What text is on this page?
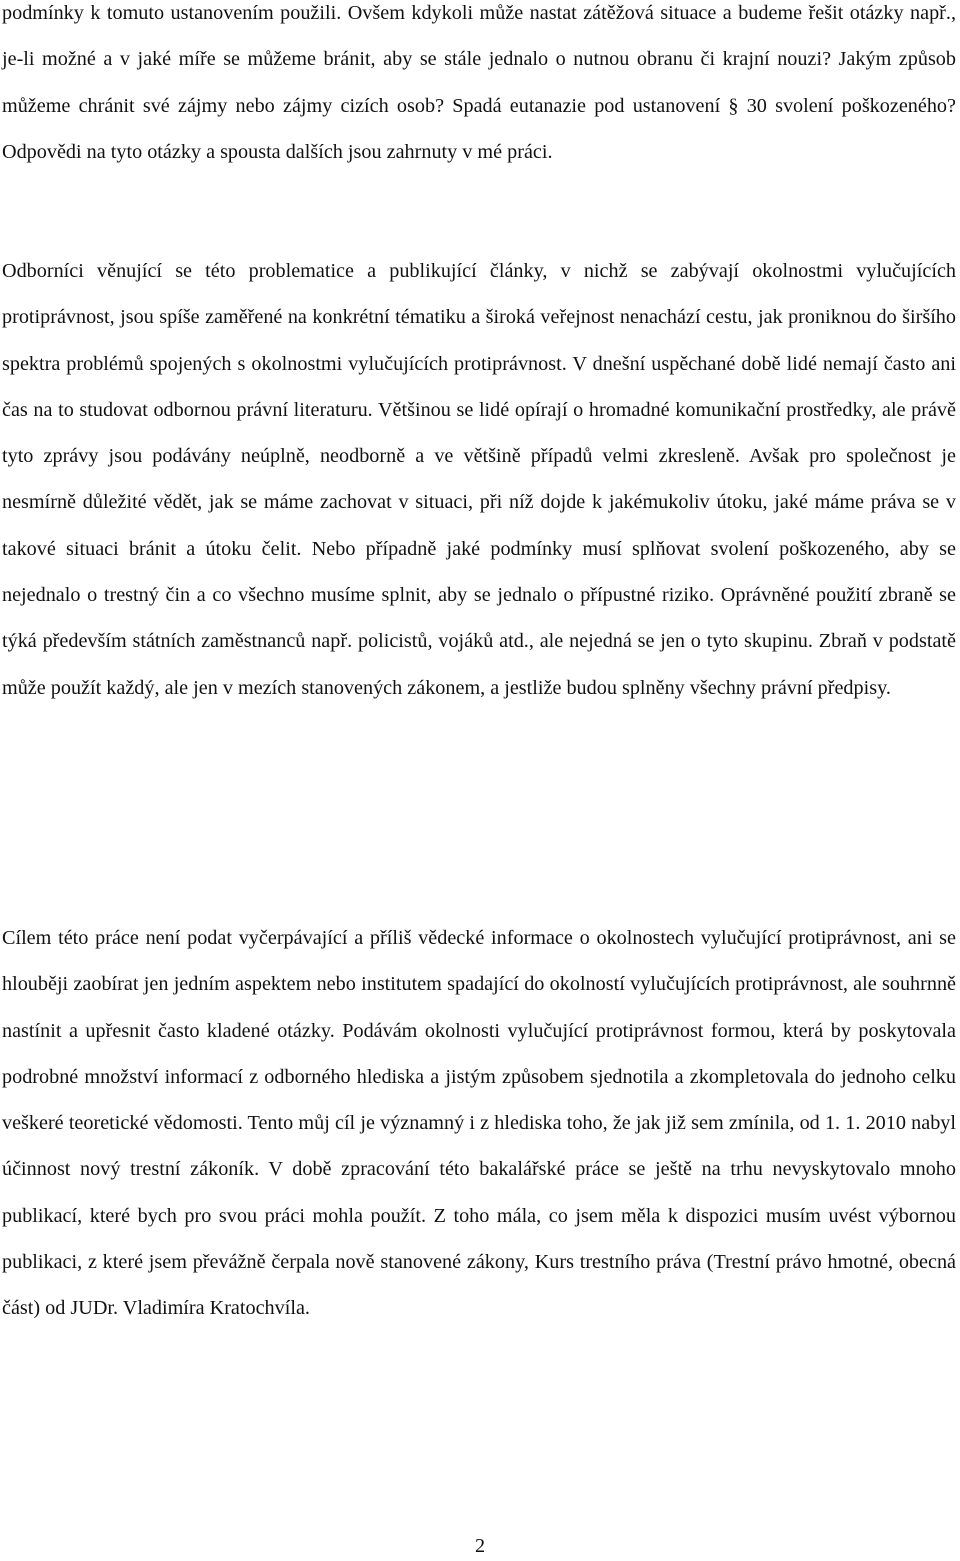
podmínky k tomuto ustanovením použili. Ovšem kdykoli může nastat zátěžová situace a budeme řešit otázky např., je-li možné a v jaké míře se můžeme bránit, aby se stále jednalo o nutnou obranu či krajní nouzi? Jakým způsob můžeme chránit své zájmy nebo zájmy cizích osob? Spadá eutanazie pod ustanovení § 30 svolení poškozeného? Odpovědi na tyto otázky a spousta dalších jsou zahrnuty v mé práci.

Odborníci věnující se této problematice a publikující články, v nichž se zabývají okolnostmi vylučujících protiprávnost, jsou spíše zaměřené na konkrétní tématiku a široká veřejnost nenachází cestu, jak proniknou do širšího spektra problémů spojených s okolnostmi vylučujících protiprávnost. V dnešní uspěchané době lidé nemají často ani čas na to studovat odbornou právní literaturu. Většinou se lidé opírají o hromadné komunikační prostředky, ale právě tyto zprávy jsou podávány neúplně, neodborně a ve většině případů velmi zkresleně. Avšak pro společnost je nesmírně důležité vědět, jak se máme zachovat v situaci, při níž dojde k jakémukoliv útoku, jaké máme práva se v takové situaci bránit a útoku čelit. Nebo případně jaké podmínky musí splňovat svolení poškozeného, aby se nejednalo o trestný čin a co všechno musíme splnit, aby se jednalo o přípustné riziko. Oprávněné použití zbraně se týká především státních zaměstnanců např. policistů, vojáků atd., ale nejedná se jen o tyto skupinu. Zbraň v podstatě může použít každý, ale jen v mezích stanovených zákonem, a jestliže budou splněny všechny právní předpisy.

Cílem této práce není podat vyčerpávající a příliš vědecké informace o okolnostech vylučující protiprávnost, ani se hlouběji zaobírat jen jedním aspektem nebo institutem spadající do okolností vylučujících protiprávnost, ale souhrnně nastínit a upřesnit často kladené otázky. Podávám okolnosti vylučující protiprávnost formou, která by poskytovala podrobné množství informací z odborného hlediska a jistým způsobem sjednotila a zkompletovala do jednoho celku veškeré teoretické vědomosti. Tento můj cíl je významný i z hlediska toho, že jak již sem zmínila, od 1. 1. 2010 nabyl účinnost nový trestní zákoník. V době zpracování této bakalářské práce se ještě na trhu nevyskytovalo mnoho publikací, které bych pro svou práci mohla použít. Z toho mála, co jsem měla k dispozici musím uvést výbornou publikaci, z které jsem převážně čerpala nově stanovené zákony, Kurs trestního práva (Trestní právo hmotné, obecná část) od JUDr. Vladimíra Kratochvíla.

2
